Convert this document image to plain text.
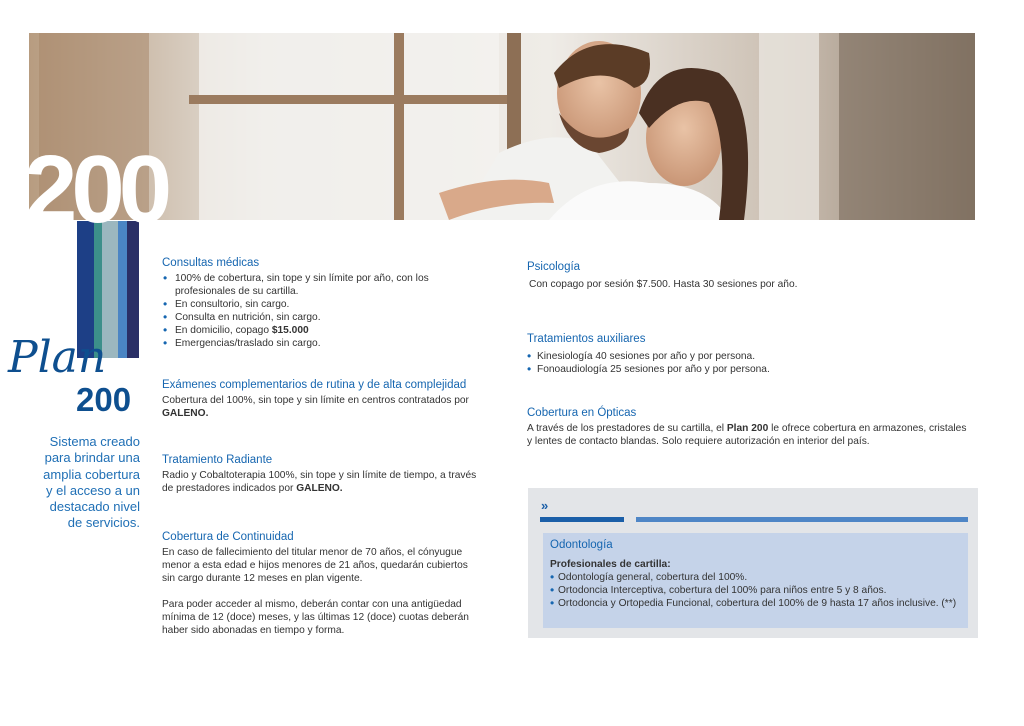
200
Plan
200
Sistema creado para brindar una amplia cobertura y el acceso a un destacado nivel de servicios.
Consultas médicas
• 100% de cobertura, sin tope y sin límite por año, con los profesionales de su cartilla.
• En consultorio, sin cargo.
• Consulta en nutrición, sin cargo.
• En domicilio, copago $15.000
• Emergencias/traslado sin cargo.
Exámenes complementarios de rutina y de alta complejidad

Cobertura del 100%, sin tope y sin límite en centros contratados por GALENO.

Tratamiento Radiante

Radio y Cobaltoterapia 100%, sin tope y sin límite de tiempo, a través de prestadores indicados por GALENO.

Cobertura de Continuidad

En caso de fallecimiento del titular menor de 70 años, el cónyugue menor a esta edad e hijos menores de 21 años, quedarán cubiertos sin cargo durante 12 meses en plan vigente.

Para poder acceder al mismo, deberán contar con una antigüedad mínima de 12 (doce) meses, y las últimas 12 (doce) cuotas deberán haber sido abonadas en tiempo y forma.

Psicología

Con copago por sesión $7.500. Hasta 30 sesiones por año.

Tratamientos auxiliares
• Kinesiología 40 sesiones por año y por persona.
• Fonoaudiología 25 sesiones por año y por persona.
Cobertura en Ópticas

A través de los prestadores de su cartilla, el Plan 200 le ofrece cobertura en armazones, cristales y lentes de contacto blandas. Solo requiere autorización en interior del país.

»
Odontología
Profesionales de cartilla:
• Odontología general, cobertura del 100%.
• Ortodoncia Interceptiva, cobertura del 100% para niños entre 5 y 8 años.
• Ortodoncia y Ortopedia Funcional, cobertura del 100% de 9 hasta 17 años inclusive. (**)
